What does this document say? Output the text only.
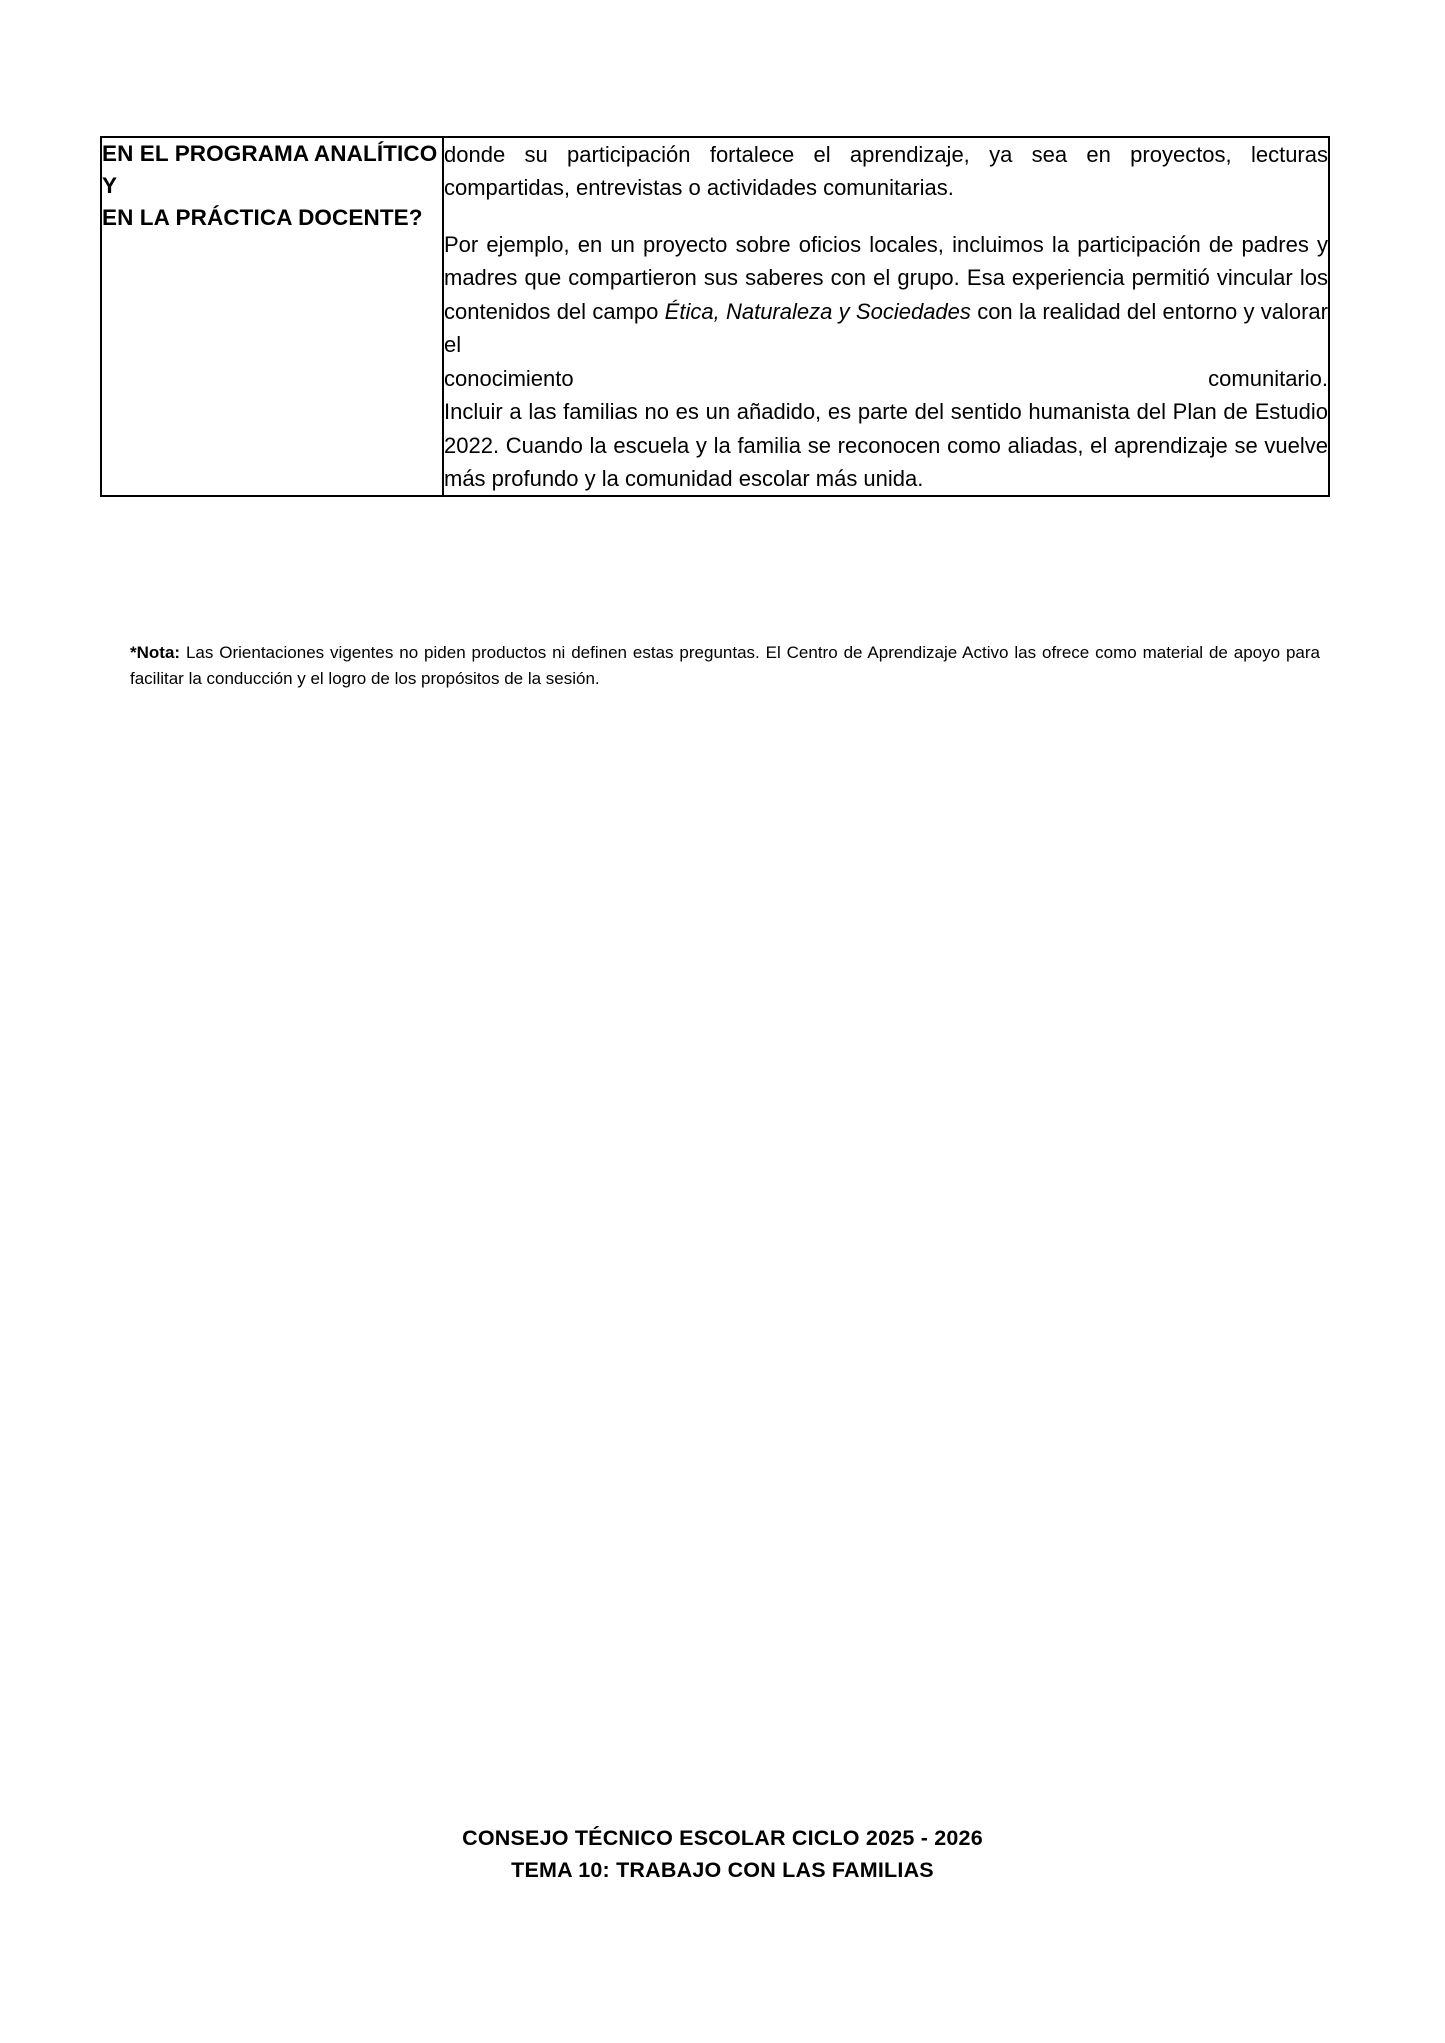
EN EL PROGRAMA ANALÍTICO Y
EN LA PRÁCTICA DOCENTE?

donde su participación fortalece el aprendizaje, ya sea en proyectos, lecturas compartidas, entrevistas o actividades comunitarias.

Por ejemplo, en un proyecto sobre oficios locales, incluimos la participación de padres y madres que compartieron sus saberes con el grupo. Esa experiencia permitió vincular los contenidos del campo Ética, Naturaleza y Sociedades con la realidad del entorno y valorar el

conocimiento	comunitario.

Incluir a las familias no es un añadido, es parte del sentido humanista del Plan de Estudio 2022. Cuando la escuela y la familia se reconocen como aliadas, el aprendizaje se vuelve más profundo y la comunidad escolar más unida.

*Nota: Las Orientaciones vigentes no piden productos ni definen estas preguntas. El Centro de Aprendizaje Activo las ofrece como material de apoyo para facilitar la conducción y el logro de los propósitos de la sesión.
CONSEJO TÉCNICO ESCOLAR CICLO 2025 - 2026
TEMA 10: TRABAJO CON LAS FAMILIAS
